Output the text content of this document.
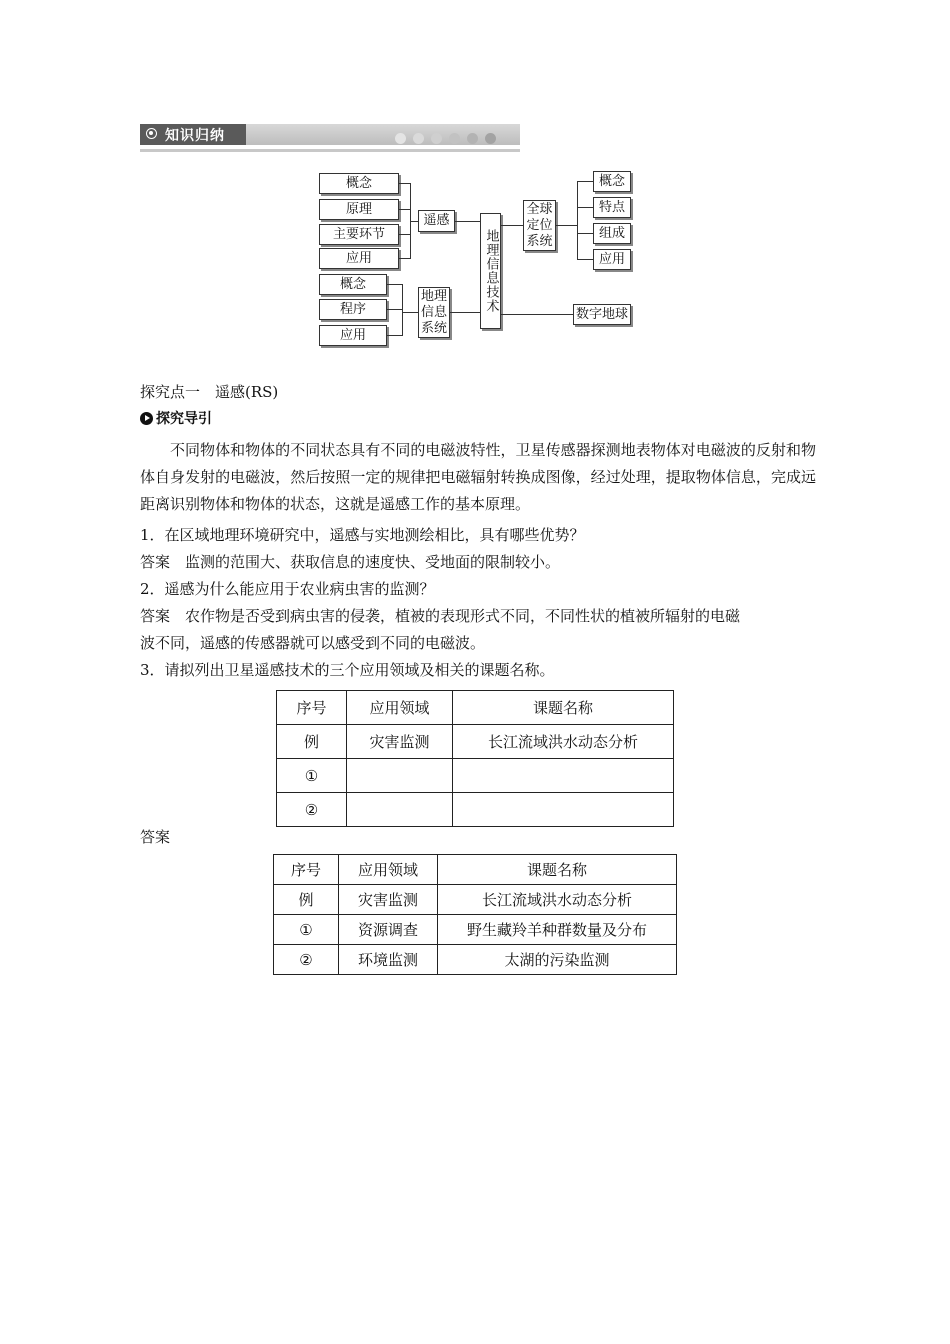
知识归纳
概念
原理
主要环节
应用
遥感
概念
程序
应用
地理
信息
系统
地理信息技术
全球
定位
系统
概念
特点
组成
应用
数字地球
探究点一　遥感(RS)
探究导引
不同物体和物体的不同状态具有不同的电磁波特性，卫星传感器探测地表物体对电磁波的反射和物体自身发射的电磁波，然后按照一定的规律把电磁辐射转换成图像，经过处理，提取物体信息，完成远距离识别物体和物体的状态，这就是遥感工作的基本原理。
1．在区域地理环境研究中，遥感与实地测绘相比，具有哪些优势？
答案　监测的范围大、获取信息的速度快、受地面的限制较小。
2．遥感为什么能应用于农业病虫害的监测？
答案　农作物是否受到病虫害的侵袭，植被的表现形式不同，不同性状的植被所辐射的电磁
波不同，遥感的传感器就可以感受到不同的电磁波。
3．请拟列出卫星遥感技术的三个应用领域及相关的课题名称。
序号	应用领域	课题名称
例	灾害监测	长江流域洪水动态分析
①		
②		
答案
序号	应用领域	课题名称
例	灾害监测	长江流域洪水动态分析
①	资源调查	野生藏羚羊种群数量及分布
②	环境监测	太湖的污染监测
